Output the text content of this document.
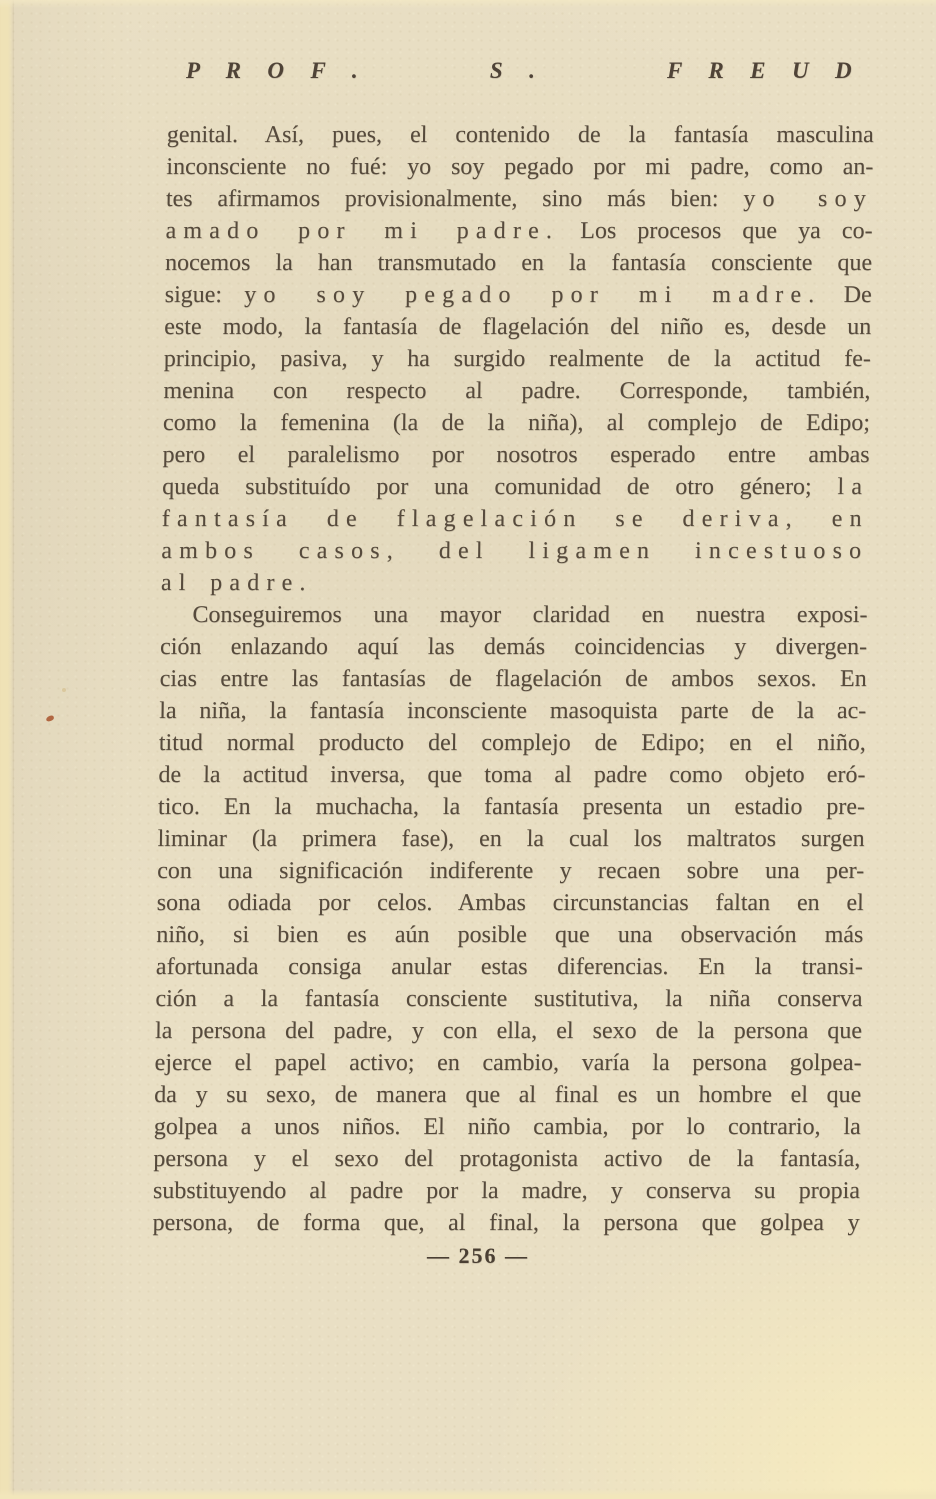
P R O F .	S .	F R E U D
genital. Así, pues, el contenido de la fantasía masculina
inconsciente no fué: yo soy pegado por mi padre, como an-
tes afirmamos provisionalmente, sino más bien: yo soy
amado por mi padre. Los procesos que ya co-
nocemos la han transmutado en la fantasía consciente que
sigue: yo soy pegado por mi madre. De
este modo, la fantasía de flagelación del niño es, desde un
principio, pasiva, y ha surgido realmente de la actitud fe-
menina con respecto al padre. Corresponde, también,
como la femenina (la de la niña), al complejo de Edipo;
pero el paralelismo por nosotros esperado entre ambas
queda substituído por una comunidad de otro género; la
fantasía de flagelación se deriva, en
ambos casos, del ligamen incestuoso
al padre.
Conseguiremos una mayor claridad en nuestra exposi-
ción enlazando aquí las demás coincidencias y divergen-
cias entre las fantasías de flagelación de ambos sexos. En
la niña, la fantasía inconsciente masoquista parte de la ac-
titud normal producto del complejo de Edipo; en el niño,
de la actitud inversa, que toma al padre como objeto eró-
tico. En la muchacha, la fantasía presenta un estadio pre-
liminar (la primera fase), en la cual los maltratos surgen
con una significación indiferente y recaen sobre una per-
sona odiada por celos. Ambas circunstancias faltan en el
niño, si bien es aún posible que una observación más
afortunada consiga anular estas diferencias. En la transi-
ción a la fantasía consciente sustitutiva, la niña conserva
la persona del padre, y con ella, el sexo de la persona que
ejerce el papel activo; en cambio, varía la persona golpea-
da y su sexo, de manera que al final es un hombre el que
golpea a unos niños. El niño cambia, por lo contrario, la
persona y el sexo del protagonista activo de la fantasía,
substituyendo al padre por la madre, y conserva su propia
persona, de forma que, al final, la persona que golpea y
— 256 —
